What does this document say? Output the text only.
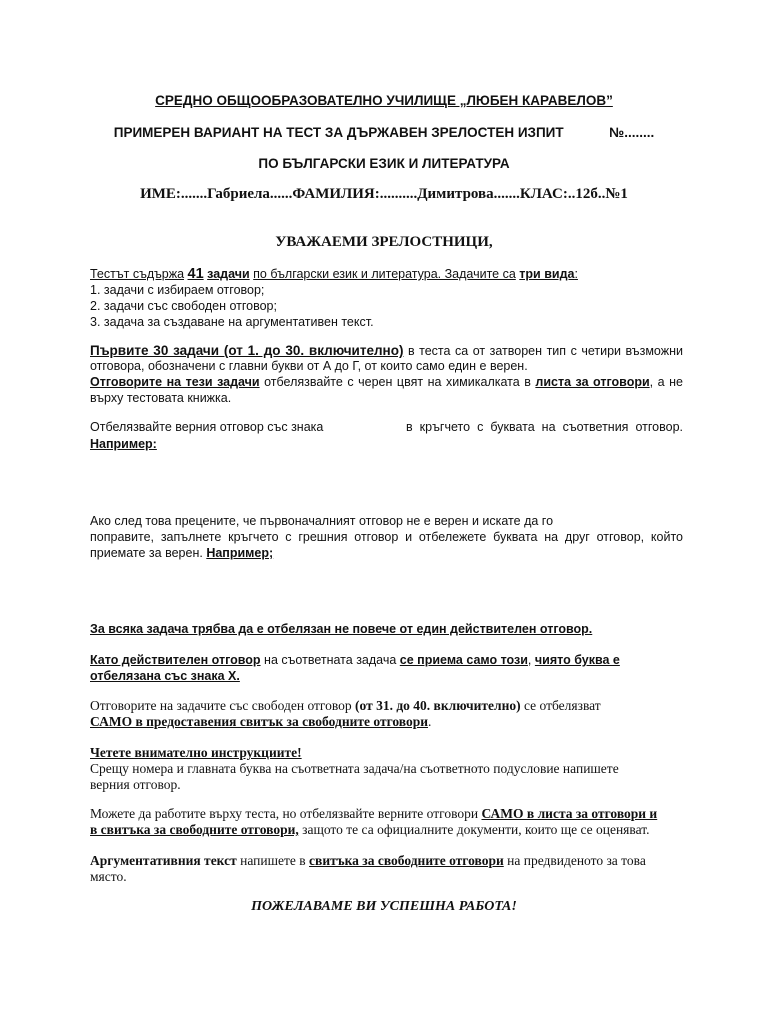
СРЕДНО ОБЩООБРАЗОВАТЕЛНО УЧИЛИЩЕ „ЛЮБЕН КАРАВЕЛОВ”
ПРИМЕРЕН ВАРИАНТ НА ТЕСТ ЗА ДЪРЖАВЕН ЗРЕЛОСТЕН ИЗПИТ	№........
ПО БЪЛГАРСКИ ЕЗИК И ЛИТЕРАТУРА
ИМЕ:.......Габриела......ФАМИЛИЯ:..........Димитрова.......КЛАС:..12б..№1
УВАЖАЕМИ ЗРЕЛОСТНИЦИ,
Тестът съдържа 41 задачи по български език и литература. Задачите са три вида:
1. задачи с избираем отговор;
2. задачи със свободен отговор;
3. задача за създаване на аргументативен текст.
Първите 30 задачи (от 1. до 30. включително) в теста са от затворен тип с четири възможни
отговора, обозначени с главни букви от А до Г, от които само един е верен.
Отговорите на тези задачи отбелязвайте с черен цвят на химикалката в листа за отговори, а не
върху тестовата книжка.
Отбелязвайте верния отговор със знака	в кръгчето с буквата на съответния отговор.
Например:
Ако след това прецените, че първоначалният отговор не е верен и искате да го
поправите, запълнете кръгчето с грешния отговор и отбележете буквата на друг отговор, който
приемате за верен. Например;
За всяка задача трябва да е отбелязан не повече от един действителен отговор.
Като действителен отговор на съответната задача се приема само този, чиято буква е
отбелязана със знака Х.
Отговорите на задачите със свободен отговор (от 31. до 40. включително) се отбелязват
САМО в предоставения свитък за свободните отговори.
Четете внимателно инструкциите!
Срещу номера и главната буква на съответната задача/на съответното подусловие напишете
верния отговор.
Можете да работите върху теста, но отбелязвайте верните отговори САМО в листа за отговори и
в свитъка за свободните отговори, защото те са официалните документи, които ще се оценяват.
Аргументативния текст напишете в свитъка за свободните отговори на предвиденото за това
място.
ПОЖЕЛАВАМЕ ВИ УСПЕШНА РАБОТА!
